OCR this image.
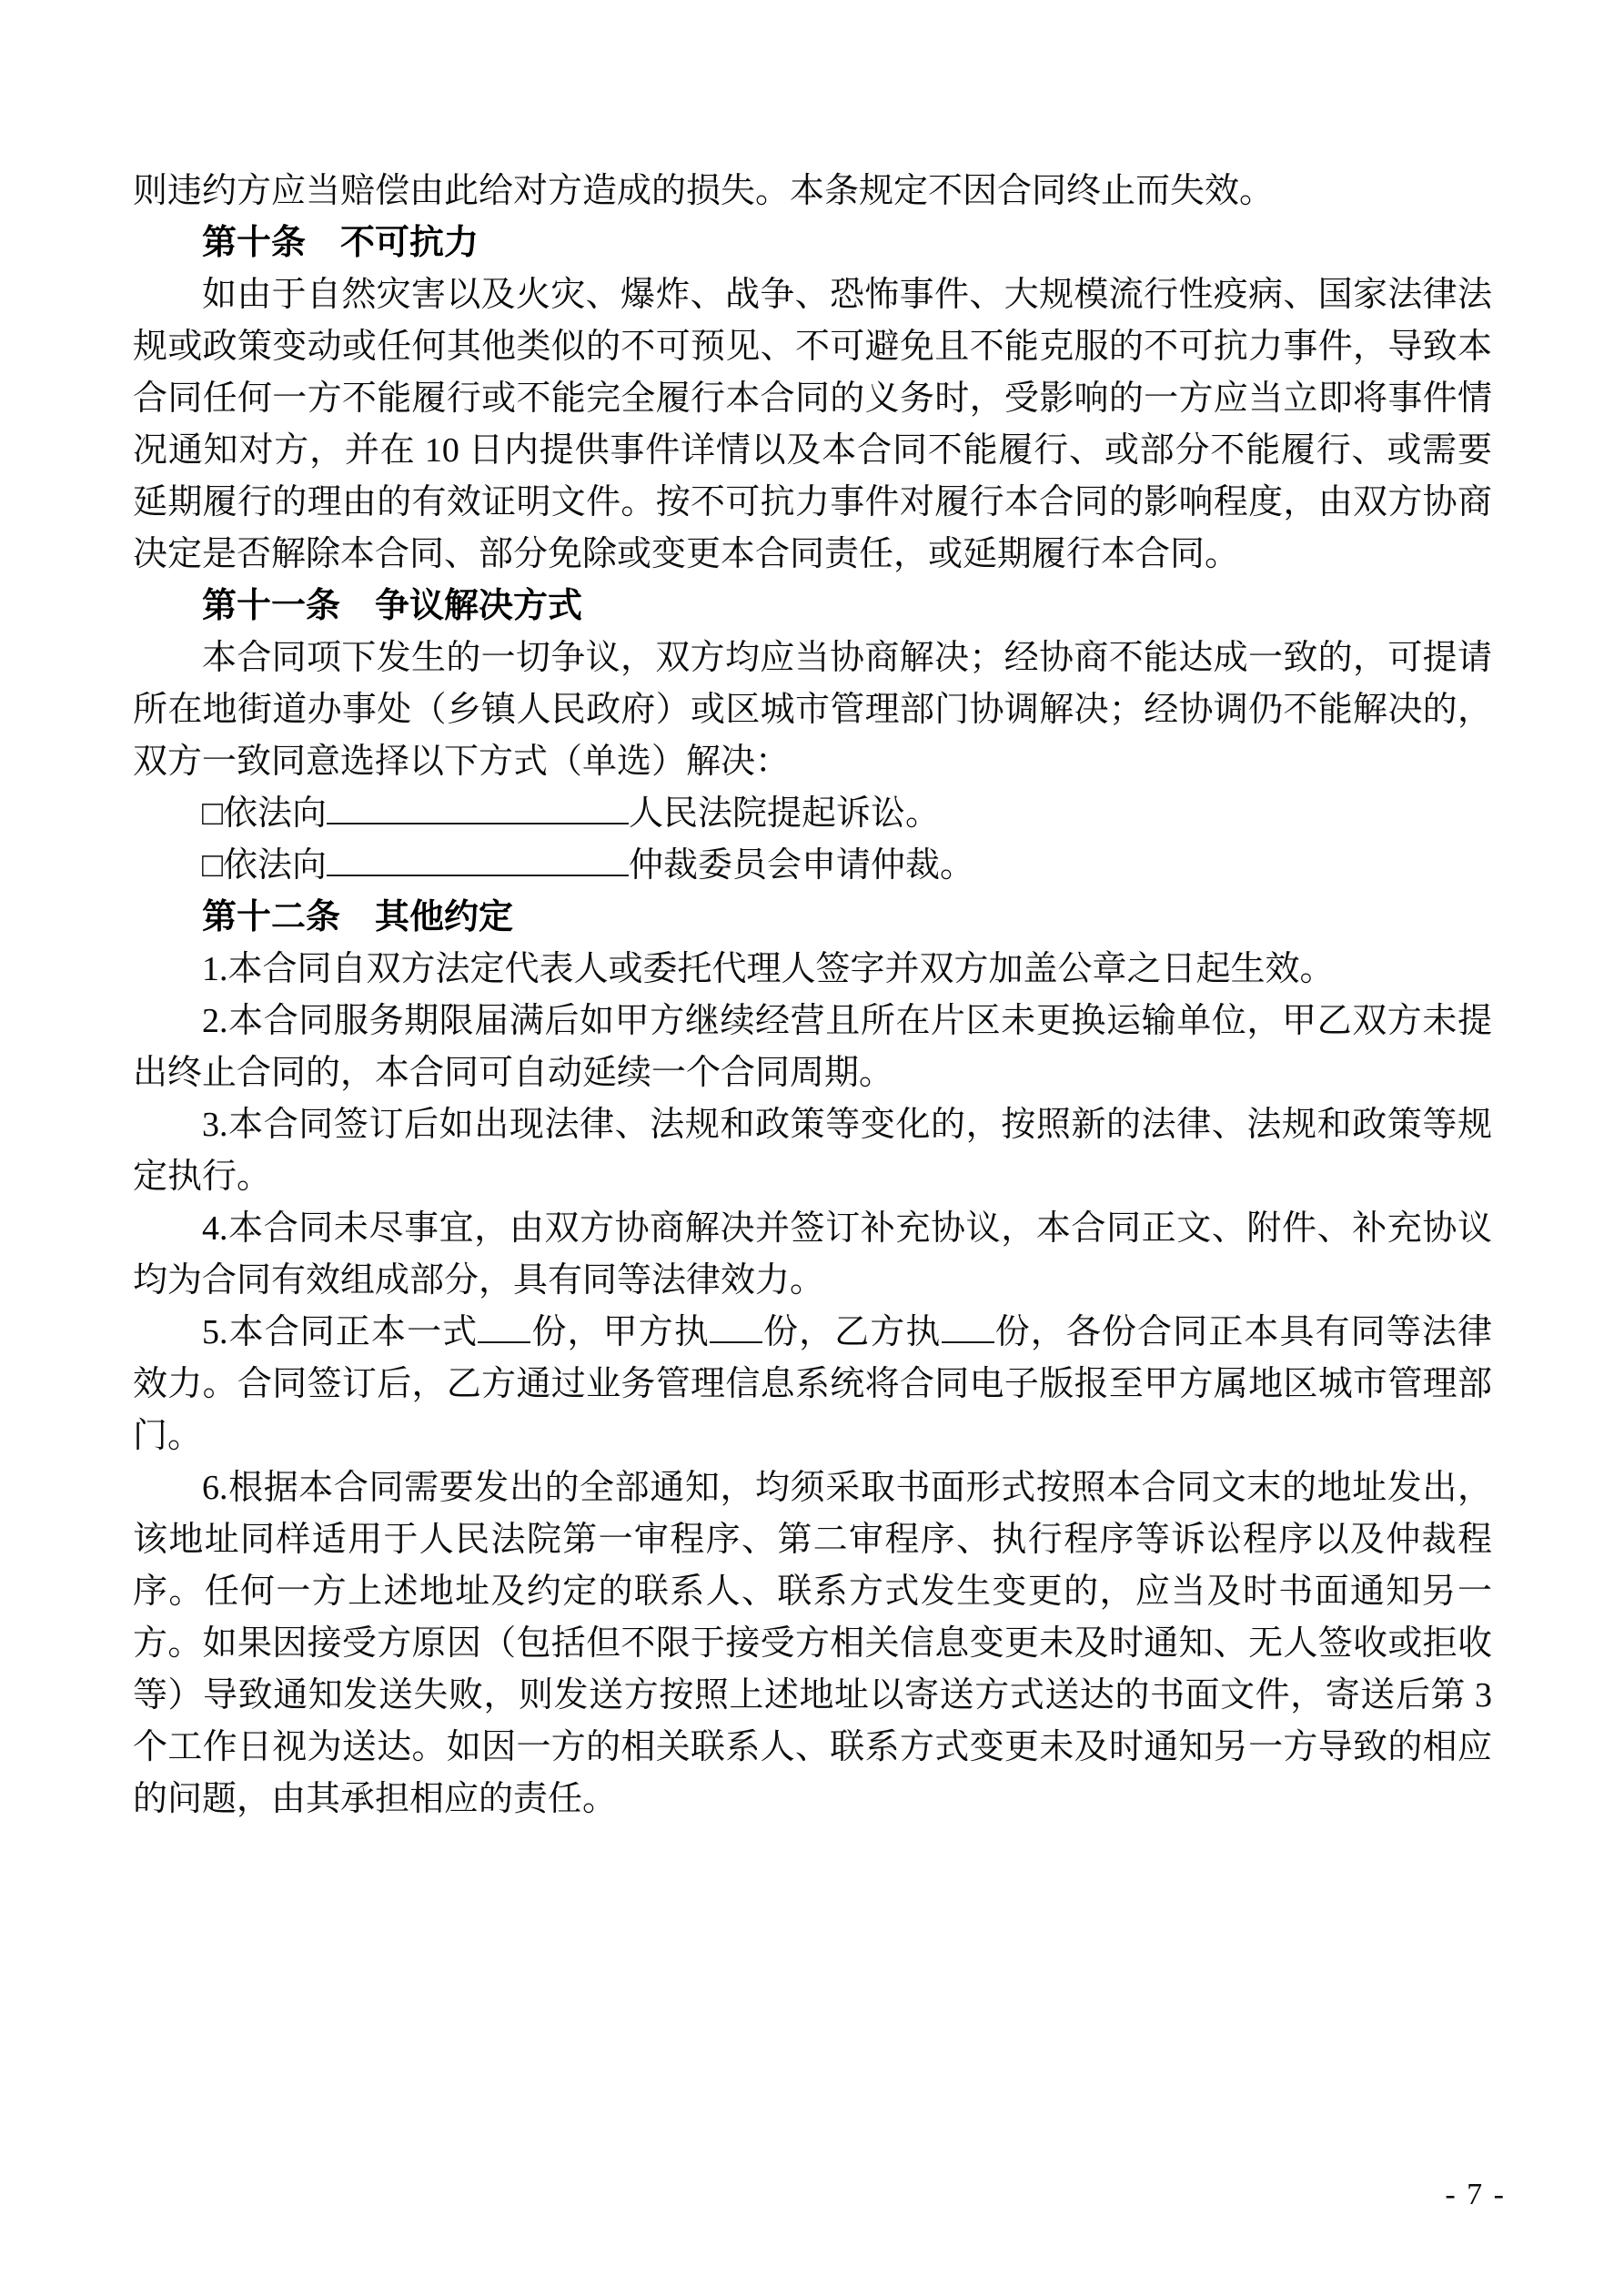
则违约方应当赔偿由此给对方造成的损失。本条规定不因合同终止而失效。

第十条　不可抗力

如由于自然灾害以及火灾、爆炸、战争、恐怖事件、大规模流行性疫病、国家法律法规或政策变动或任何其他类似的不可预见、不可避免且不能克服的不可抗力事件，导致本合同任何一方不能履行或不能完全履行本合同的义务时，受影响的一方应当立即将事件情况通知对方，并在 10 日内提供事件详情以及本合同不能履行、或部分不能履行、或需要延期履行的理由的有效证明文件。按不可抗力事件对履行本合同的影响程度，由双方协商决定是否解除本合同、部分免除或变更本合同责任，或延期履行本合同。

第十一条　争议解决方式

本合同项下发生的一切争议，双方均应当协商解决；经协商不能达成一致的，可提请所在地街道办事处（乡镇人民政府）或区城市管理部门协调解决；经协调仍不能解决的，双方一致同意选择以下方式（单选）解决：

□依法向	人民法院提起诉讼。

□依法向	仲裁委员会申请仲裁。

第十二条　其他约定

1.本合同自双方法定代表人或委托代理人签字并双方加盖公章之日起生效。

2.本合同服务期限届满后如甲方继续经营且所在片区未更换运输单位，甲乙双方未提出终止合同的，本合同可自动延续一个合同周期。

3.本合同签订后如出现法律、法规和政策等变化的，按照新的法律、法规和政策等规定执行。

4.本合同未尽事宜，由双方协商解决并签订补充协议，本合同正文、附件、补充协议均为合同有效组成部分，具有同等法律效力。

5.本合同正本一式 份，甲方执 份，乙方执 份，各份合同正本具有同等法律效力。合同签订后，乙方通过业务管理信息系统将合同电子版报至甲方属地区城市管理部门。

6.根据本合同需要发出的全部通知，均须采取书面形式按照本合同文末的地址发出，该地址同样适用于人民法院第一审程序、第二审程序、执行程序等诉讼程序以及仲裁程序。任何一方上述地址及约定的联系人、联系方式发生变更的，应当及时书面通知另一方。如果因接受方原因（包括但不限于接受方相关信息变更未及时通知、无人签收或拒收等）导致通知发送失败，则发送方按照上述地址以寄送方式送达的书面文件，寄送后第 3 个工作日视为送达。如因一方的相关联系人、联系方式变更未及时通知另一方导致的相应的问题，由其承担相应的责任。

- 7 -
